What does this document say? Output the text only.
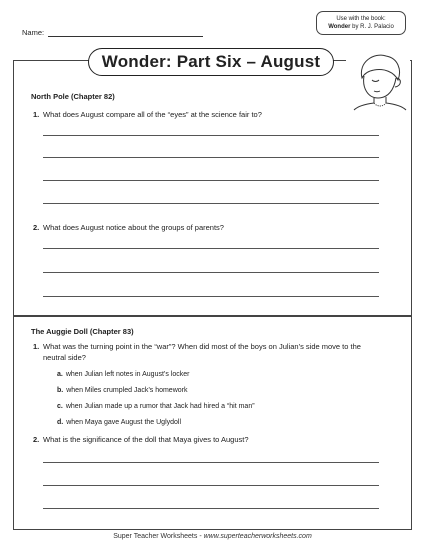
Name:
Use with the book:
Wonder by R. J. Palacio
Wonder: Part Six – August
North Pole (Chapter 82)
1. What does August compare all of the “eyes” at the science fair to?
2. What does August notice about the groups of parents?
The Auggie Doll (Chapter 83)
1. What was the turning point in the “war”? When did most of the boys on Julian’s side move to the neutral side?
a. when Julian left notes in August’s locker
b. when Miles crumpled Jack’s homework
c. when Julian made up a rumor that Jack had hired a “hit man”
d. when Maya gave August the Uglydoll
2. What is the significance of the doll that Maya gives to August?
Super Teacher Worksheets - www.superteacherworksheets.com
